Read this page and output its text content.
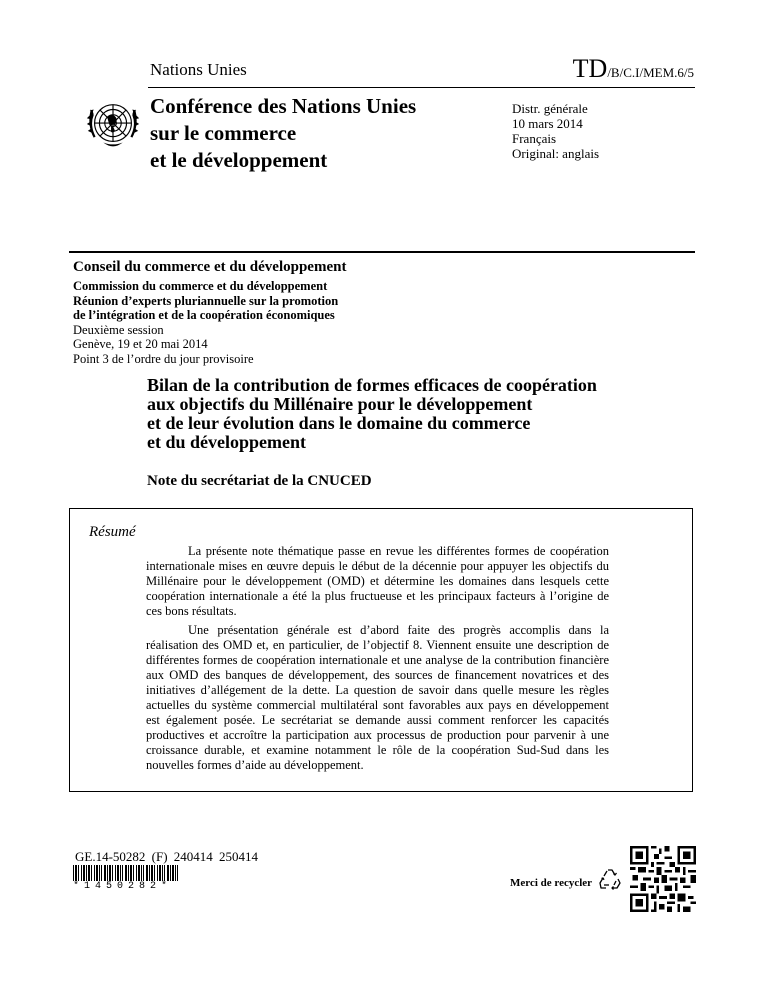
Nations Unies	TD/B/C.I/MEM.6/5
Conférence des Nations Unies
sur le commerce
et le développement
Distr. générale
10 mars 2014
Français
Original: anglais
Conseil du commerce et du développement
Commission du commerce et du développement
Réunion d’experts pluriannuelle sur la promotion
de l’intégration et de la coopération économiques
Deuxième session
Genève, 19 et 20 mai 2014
Point 3 de l’ordre du jour provisoire
Bilan de la contribution de formes efficaces de coopération
aux objectifs du Millénaire pour le développement
et de leur évolution dans le domaine du commerce
et du développement
Note du secrétariat de la CNUCED
Résumé
La présente note thématique passe en revue les différentes formes de coopération internationale mises en œuvre depuis le début de la décennie pour appuyer les objectifs du Millénaire pour le développement (OMD) et détermine les domaines dans lesquels cette coopération internationale a été la plus fructueuse et les principaux facteurs à l’origine de ces bons résultats.
Une présentation générale est d’abord faite des progrès accomplis dans la réalisation des OMD et, en particulier, de l’objectif 8. Viennent ensuite une description de différentes formes de coopération internationale et une analyse de la contribution financière aux OMD des banques de développement, des sources de financement novatrices et des initiatives d’allégement de la dette. La question de savoir dans quelle mesure les règles actuelles du système commercial multilatéral sont favorables aux pays en développement est également posée. Le secrétariat se demande aussi comment renforcer les capacités productives et accroître la participation aux processus de production pour parvenir à une croissance durable, et examine notamment le rôle de la coopération Sud-Sud dans les nouvelles formes d’aide au développement.
GE.14-50282 (F) 240414 250414
*1450282*	Merci de recycler
